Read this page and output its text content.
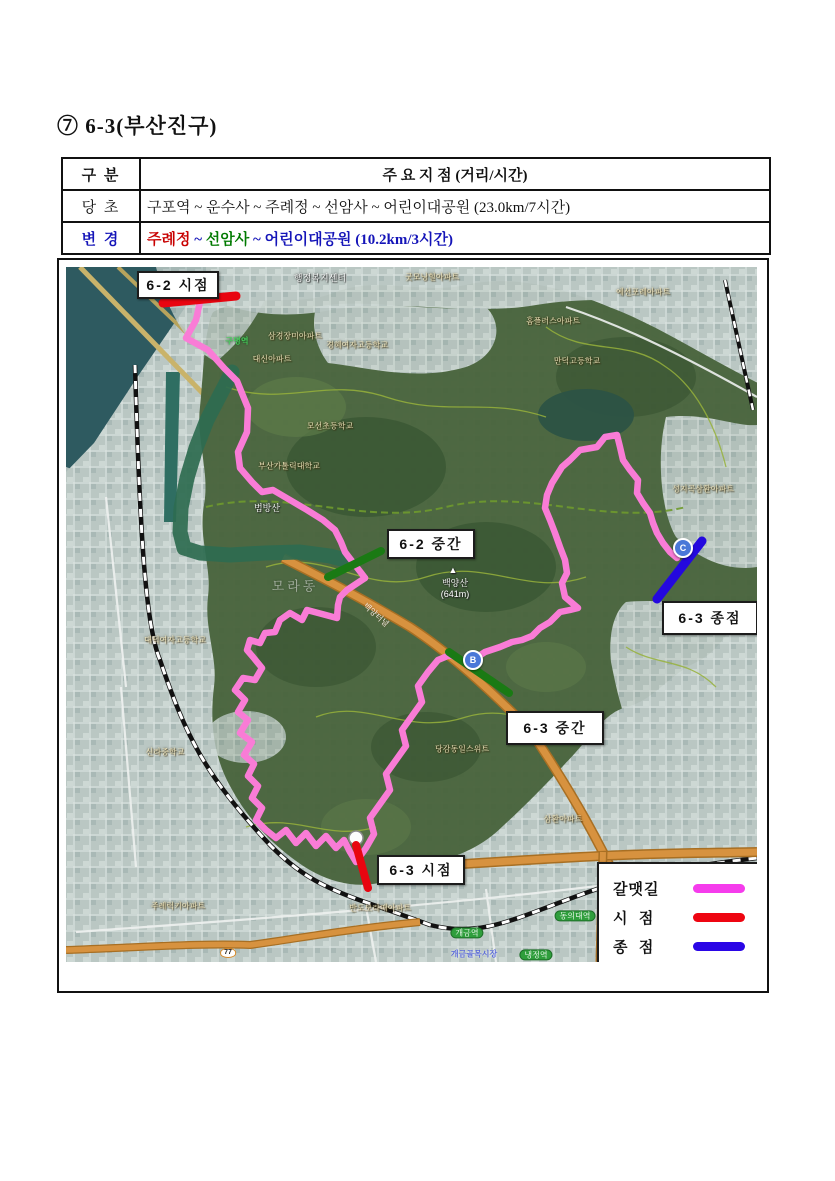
⑦ 6-3(부산진구)
구 분	주 요 지 점 (거리/시간)
당 초	구포역 ~ 운수사 ~ 주례정 ~ 선암사 ~ 어린이대공원 (23.0km/7시간)
변 경	주례정 ~ 선암사 ~ 어린이대공원 (10.2km/3시간)
갈맷길
시  점
종  점
6-2 시점
6-2 중간
6-3 종점
6-3 중간
6-3 시점
B
C
행정복지센터	굿모닝힐아파트
예선포레아파트
홈플러스아파트
만덕고등학교
삼경장미아파트
경혜여자고등학교
대신아파트
모선초등학교
부산가톨릭대학교
범방산
▲
백양산
(641m)
성지곡삼환아파트
당감동일스위트
삼환아파트
대덕여자고등학교
신라중학교
주례럭키아파트	반도보라매아파트
모라동
구명역
개금역
동의대역
냉정역
개금골목시장
백양터널
77
